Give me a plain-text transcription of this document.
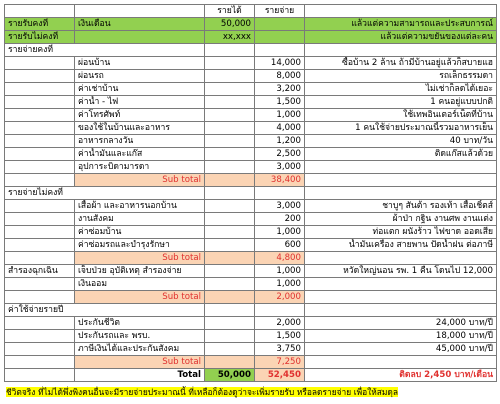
		รายได้	รายจ่าย	
รายรับคงที่	เงินเดือน	50,000		แล้วแต่ความสามารถและประสบการณ์
รายรับไม่คงที่		xx,xxx		แล้วแต่ความขยันของแต่ละคน
รายจ่ายคงที่				
	ผ่อนบ้าน		14,000	ซื้อบ้าน 2 ล้าน ถ้ามีบ้านอยู่แล้วก็สบายแฮ
	ผ่อนรถ		8,000	รถเล็กธรรมดา
	ค่าเช่าบ้าน		3,200	ไม่เช่าก็ลดได้เยอะ
	ค่าน้ำ - ไฟ		1,500	1 คนอยู่แบบปกติ
	ค่าโทรศัพท์		1,000	ใช้เทพอินเตอร์เน็ตที่บ้าน
	ของใช้ในบ้านและอาหาร		4,000	1 คนใช้จ่ายประมาณนี้รวมอาหารเย็น
	อาหารกลางวัน		1,200	40 บาท/วัน
	ค่าน้ำมันและแก๊ส		2,500	ติดแก๊สแล้วด้วย
	อุปการะบิดามารดา		3,000	
	Sub total		38,400	
รายจ่ายไม่คงที่				
	เสื้อผ้า และอาหารนอกบ้าน		3,000	ชาบูๆ สันต้า รองเท้า เสื้อเชิ้ตส์
	งานสังคม		200	ผ้าป่า กฐิน งานศพ งานแต่ง
	ค่าซ่อมบ้าน		1,000	ท่อแตก ผนังร้าว ไฟขาด ออดเสีย
	ค่าซ่อมรถและบำรุงรักษา		600	น้ำมันเครื่อง สายพาน ปัดน้ำฝน ต่อภาษี
	Sub total		4,800	
สำรองฉุกเฉิน	เจ็บป่วย อุบัติเหตุ สำรองจ่าย		1,000	หวัดใหญ่นอน รพ. 1 คืน โดนไป 12,000
	เงินออม		1,000	
	Sub total		2,000	
ค่าใช้จ่ายรายปี				
	ประกันชีวิต		2,000	24,000 บาท/ปี
	ประกันรถและ พรบ.		1,500	18,000 บาท/ปี
	ภาษีเงินได้และประกันสังคม		3,750	45,000 บาท/ปี
	Sub total		7,250	
	Total	50,000	52,450	ติดลบ 2,450 บาท/เดือน
ชีวิตจริง ที่ไม่ได้พึ่งพิงคนอื่นจะมีรายจ่ายประมาณนี้ ที่เหลือก็ต้องดูว่าจะเพิ่มรายรับ หรือลดรายจ่าย เพื่อให้สมดุล
